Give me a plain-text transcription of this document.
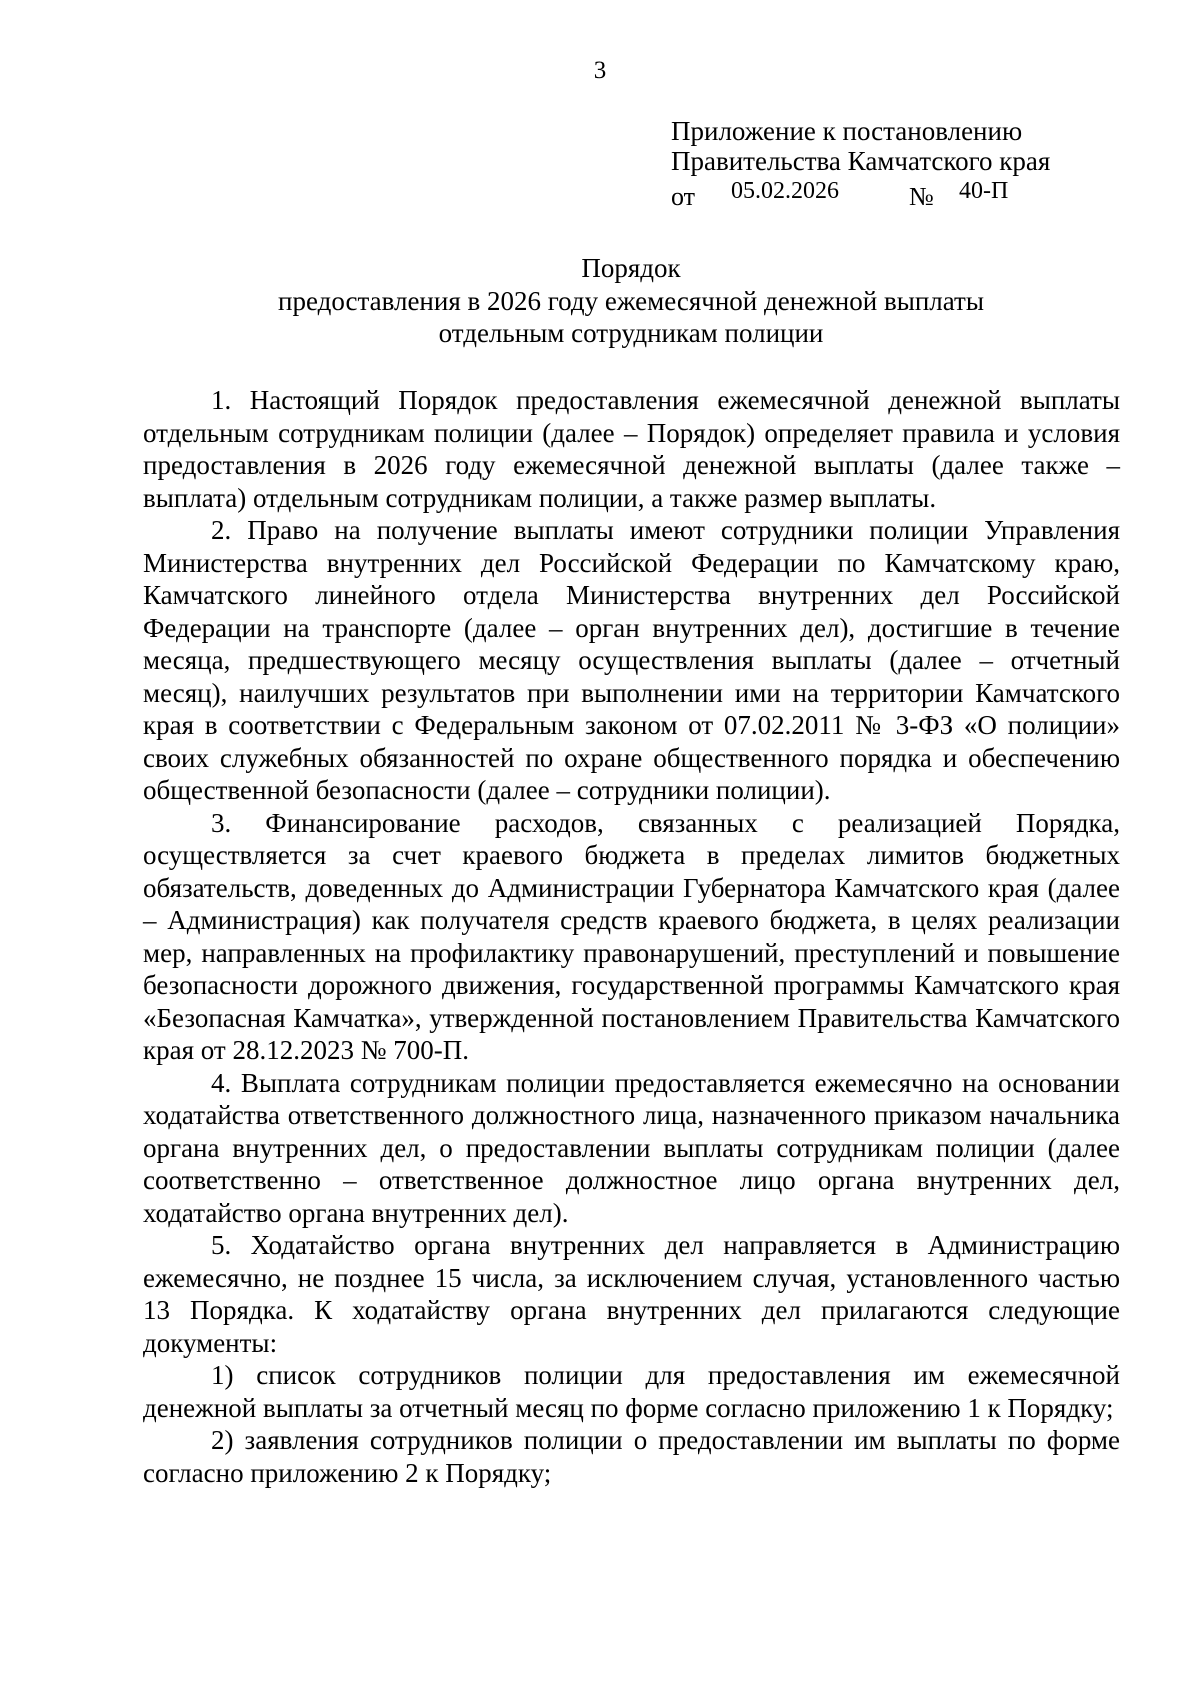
3
Приложение к постановлению
Правительства Камчатского края
от 05.02.2026	№ 40-П
Порядок
предоставления в 2026 году ежемесячной денежной выплаты
отдельным сотрудникам полиции

1. Настоящий Порядок предоставления ежемесячной денежной выплаты отдельным сотрудникам полиции (далее – Порядок) определяет правила и условия предоставления в 2026 году ежемесячной денежной выплаты (далее также – выплата) отдельным сотрудникам полиции, а также размер выплаты.

2. Право на получение выплаты имеют сотрудники полиции Управления Министерства внутренних дел Российской Федерации по Камчатскому краю, Камчатского линейного отдела Министерства внутренних дел Российской Федерации на транспорте (далее – орган внутренних дел), достигшие в течение месяца, предшествующего месяцу осуществления выплаты (далее – отчетный месяц), наилучших результатов при выполнении ими на территории Камчатского края в соответствии с Федеральным законом от 07.02.2011 № 3-ФЗ «О полиции» своих служебных обязанностей по охране общественного порядка и обеспечению общественной безопасности (далее – сотрудники полиции).

3. Финансирование расходов, связанных с реализацией Порядка, осуществляется за счет краевого бюджета в пределах лимитов бюджетных обязательств, доведенных до Администрации Губернатора Камчатского края (далее – Администрация) как получателя средств краевого бюджета, в целях реализации мер, направленных на профилактику правонарушений, преступлений и повышение безопасности дорожного движения, государственной программы Камчатского края «Безопасная Камчатка», утвержденной постановлением Правительства Камчатского края от 28.12.2023 № 700-П.

4. Выплата сотрудникам полиции предоставляется ежемесячно на основании ходатайства ответственного должностного лица, назначенного приказом начальника органа внутренних дел, о предоставлении выплаты сотрудникам полиции (далее соответственно – ответственное должностное лицо органа внутренних дел, ходатайство органа внутренних дел).

5. Ходатайство органа внутренних дел направляется в Администрацию ежемесячно, не позднее 15 числа, за исключением случая, установленного частью 13 Порядка. К ходатайству органа внутренних дел прилагаются следующие документы:

1) список сотрудников полиции для предоставления им ежемесячной денежной выплаты за отчетный месяц по форме согласно приложению 1 к Порядку;

2) заявления сотрудников полиции о предоставлении им выплаты по форме согласно приложению 2 к Порядку;
